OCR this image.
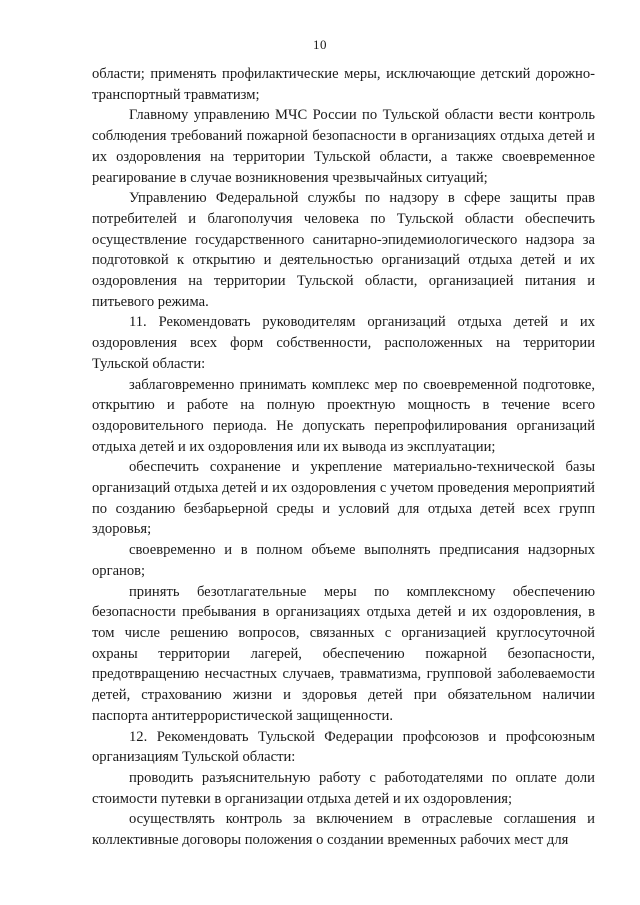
10

области; применять профилактические меры, исключающие детский дорожно-транспортный травматизм;

Главному управлению МЧС России по Тульской области вести контроль соблюдения требований пожарной безопасности в организациях отдыха детей и их оздоровления на территории Тульской области, а также своевременное реагирование в случае возникновения чрезвычайных ситуаций;

Управлению Федеральной службы по надзору в сфере защиты прав потребителей и благополучия человека по Тульской области обеспечить осуществление государственного санитарно-эпидемиологического надзора за подготовкой к открытию и деятельностью организаций отдыха детей и их оздоровления на территории Тульской области, организацией питания и питьевого режима.

11. Рекомендовать руководителям организаций отдыха детей и их оздоровления всех форм собственности, расположенных на территории Тульской области:

заблаговременно принимать комплекс мер по своевременной подготовке, открытию и работе на полную проектную мощность в течение всего оздоровительного периода. Не допускать перепрофилирования организаций отдыха детей и их оздоровления или их вывода из эксплуатации;

обеспечить сохранение и укрепление материально-технической базы организаций отдыха детей и их оздоровления с учетом проведения мероприятий по созданию безбарьерной среды и условий для отдыха детей всех групп здоровья;

своевременно и в полном объеме выполнять предписания надзорных органов;

принять безотлагательные меры по комплексному обеспечению безопасности пребывания в организациях отдыха детей и их оздоровления, в том числе решению вопросов, связанных с организацией круглосуточной охраны территории лагерей, обеспечению пожарной безопасности, предотвращению несчастных случаев, травматизма, групповой заболеваемости детей, страхованию жизни и здоровья детей при обязательном наличии паспорта антитеррористической защищенности.

12. Рекомендовать Тульской Федерации профсоюзов и профсоюзным организациям Тульской области:

проводить разъяснительную работу с работодателями по оплате доли стоимости путевки в организации отдыха детей и их оздоровления;

осуществлять контроль за включением в отраслевые соглашения и коллективные договоры положения о создании временных рабочих мест для
